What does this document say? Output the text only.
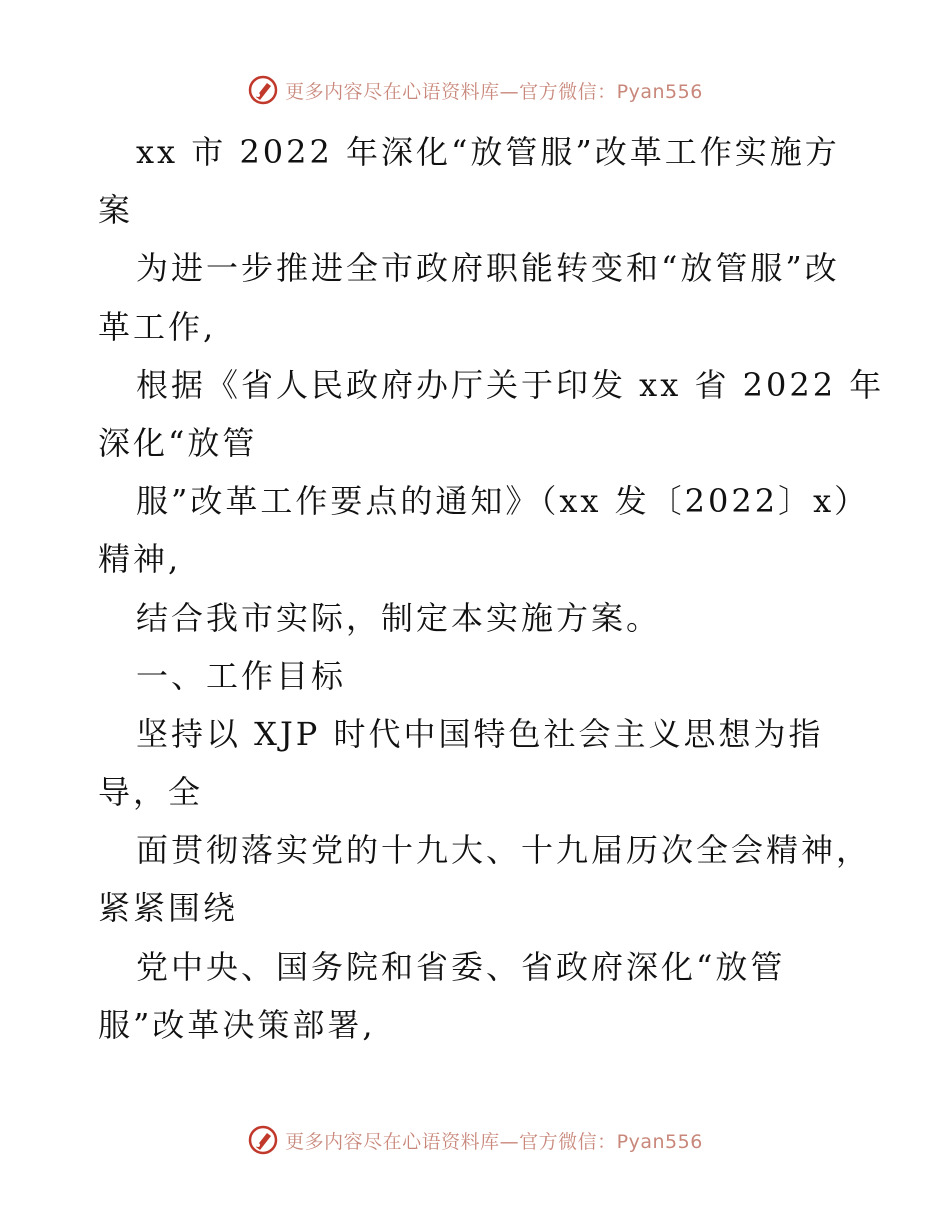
更多内容尽在心语资料库—官方微信：Pyan556
xx 市 2022 年深化“放管服”改革工作实施方
案
为进一步推进全市政府职能转变和“放管服”改
革工作,
根据《省人民政府办厅关于印发 xx 省 2022 年
深化“放管
服”改革工作要点的通知》（xx 发〔2022〕x）
精神,
结合我市实际，制定本实施方案。
一、工作目标
坚持以 XJP 时代中国特色社会主义思想为指
导，全
面贯彻落实党的十九大、十九届历次全会精神，
紧紧围绕
党中央、国务院和省委、省政府深化“放管
服”改革决策部署,
更多内容尽在心语资料库—官方微信：Pyan556
